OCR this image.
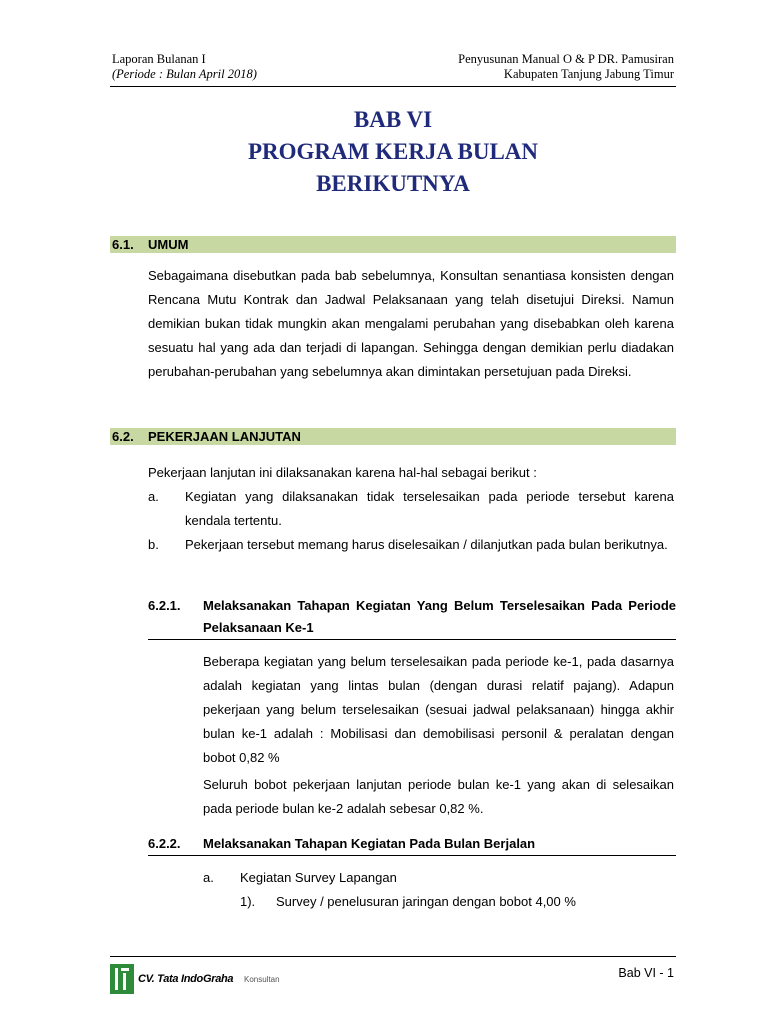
Laporan Bulanan I
(Periode : Bulan April 2018)
Penyusunan Manual O & P DR. Pamusiran
Kabupaten Tanjung Jabung Timur
BAB VI
PROGRAM KERJA BULAN
BERIKUTNYA
6.1. UMUM
Sebagaimana disebutkan pada bab sebelumnya, Konsultan senantiasa konsisten dengan Rencana Mutu Kontrak dan Jadwal Pelaksanaan yang telah disetujui Direksi. Namun demikian bukan tidak mungkin akan mengalami perubahan yang disebabkan oleh karena sesuatu hal yang ada dan terjadi di lapangan. Sehingga dengan demikian perlu diadakan perubahan-perubahan yang sebelumnya akan dimintakan persetujuan pada Direksi.
6.2. PEKERJAAN LANJUTAN
Pekerjaan lanjutan ini dilaksanakan karena hal-hal sebagai berikut :
a. Kegiatan yang dilaksanakan tidak terselesaikan pada periode tersebut karena kendala tertentu.
b. Pekerjaan tersebut memang harus diselesaikan / dilanjutkan pada bulan berikutnya.
6.2.1. Melaksanakan Tahapan Kegiatan Yang Belum Terselesaikan Pada Periode Pelaksanaan Ke-1
Beberapa kegiatan yang belum terselesaikan pada periode ke-1, pada dasarnya adalah kegiatan yang lintas bulan (dengan durasi relatif pajang). Adapun pekerjaan yang belum terselesaikan (sesuai jadwal pelaksanaan) hingga akhir bulan ke-1 adalah : Mobilisasi dan demobilisasi personil & peralatan dengan bobot 0,82 %
Seluruh bobot pekerjaan lanjutan periode bulan ke-1 yang akan di selesaikan pada periode bulan ke-2 adalah sebesar 0,82 %.
6.2.2. Melaksanakan Tahapan Kegiatan Pada Bulan Berjalan
a. Kegiatan Survey Lapangan
1). Survey / penelusuran jaringan dengan bobot 4,00 %
CV. Tata IndoGraha Konsultan	Bab VI - 1
